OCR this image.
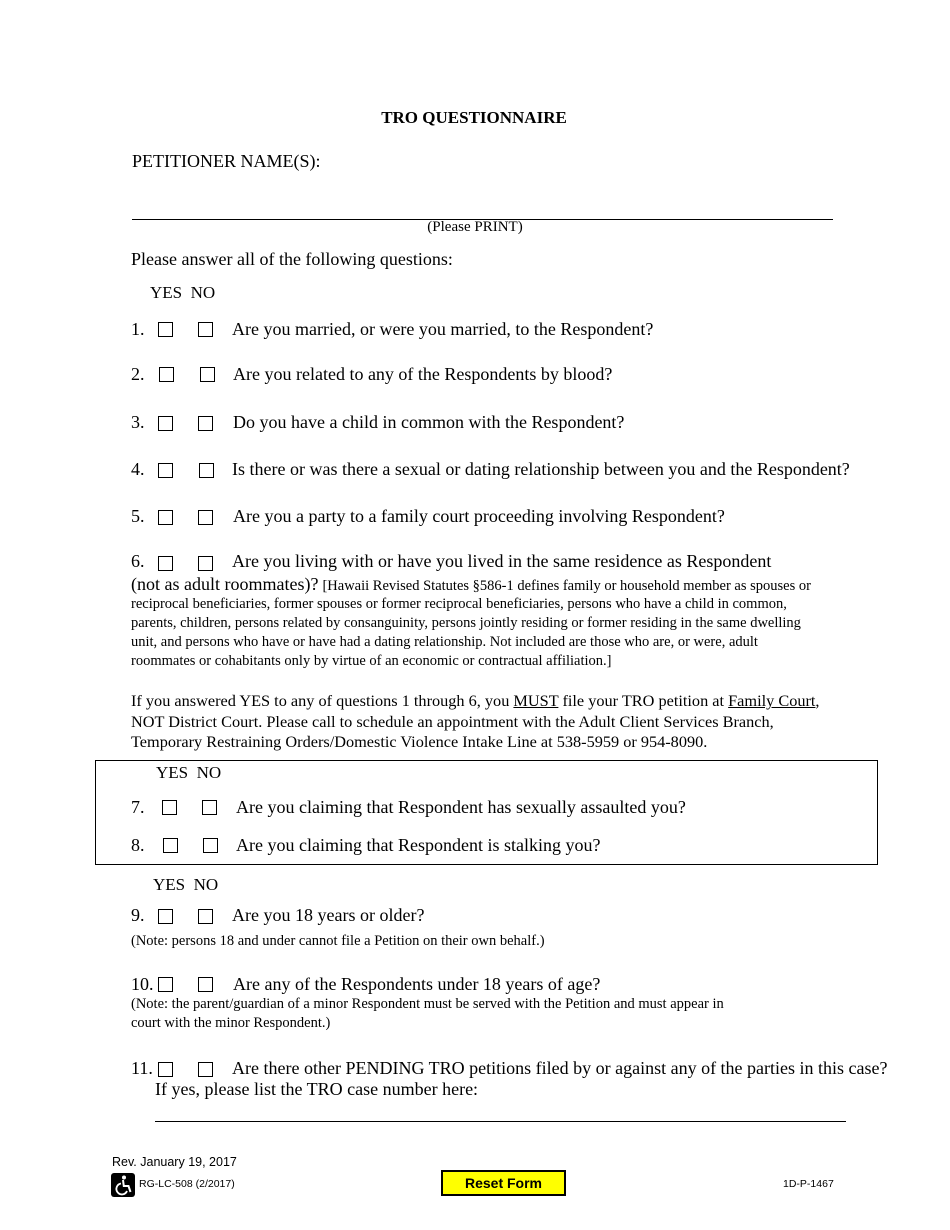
TRO QUESTIONNAIRE
PETITIONER NAME(S):
(Please PRINT)
Please answer all of the following questions:
YES NO
1.	Are you married, or were you married, to the Respondent?
2.	Are you related to any of the Respondents by blood?
3.	Do you have a child in common with the Respondent?
4.	Is there or was there a sexual or dating relationship between you and the Respondent?
5.	Are you a party to a family court proceeding involving Respondent?
6.	Are you living with or have you lived in the same residence as Respondent
(not as adult roommates)? [Hawaii Revised Statutes §586-1 defines family or household member as spouses or
reciprocal beneficiaries, former spouses or former reciprocal beneficiaries, persons who have a child in common,
parents, children, persons related by consanguinity, persons jointly residing or former residing in the same dwelling
unit, and persons who have or have had a dating relationship. Not included are those who are, or were, adult
roommates or cohabitants only by virtue of an economic or contractual affiliation.]
If you answered YES to any of questions 1 through 6, you MUST file your TRO petition at Family Court,
NOT District Court. Please call to schedule an appointment with the Adult Client Services Branch,
Temporary Restraining Orders/Domestic Violence Intake Line at 538-5959 or 954-8090.
YES NO
7.	Are you claiming that Respondent has sexually assaulted you?
8.	Are you claiming that Respondent is stalking you?
YES NO
9.	Are you 18 years or older?
(Note: persons 18 and under cannot file a Petition on their own behalf.)
10.	Are any of the Respondents under 18 years of age?
(Note: the parent/guardian of a minor Respondent must be served with the Petition and must appear in
court with the minor Respondent.)
11.	Are there other PENDING TRO petitions filed by or against any of the parties in this case?
If yes, please list the TRO case number here:
Rev. January 19, 2017
RG-LC-508 (2/2017)	Reset Form	1D-P-1467
